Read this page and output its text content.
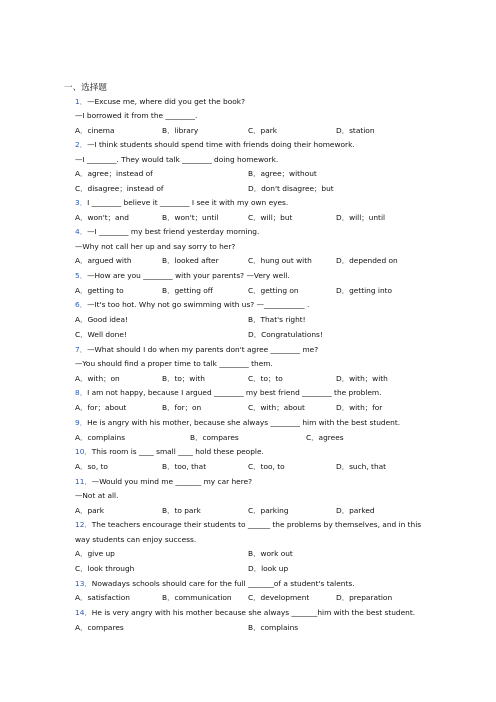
一、选择题
1．—Excuse me, where did you get the book?
—I borrowed it from the ________.
A．cinema	B．library	C．park	D．station
2．—I think students should spend time with friends doing their homework.
—I ________. They would talk ________ doing homework.
A．agree；instead of	B．agree；without
C．disagree；instead of	D．don't disagree；but
3．I ________ believe it ________ I see it with my own eyes.
A．won't；and	B．won't；until	C．will；but	D．will；until
4．—I ________ my best friend yesterday morning.
—Why not call her up and say sorry to her?
A．argued with	B．looked after	C．hung out with	D．depended on
5．—How are you ________ with your parents? —Very well.
A．getting to	B．getting off	C．getting on	D．getting into
6．—It's too hot. Why not go swimming with us? —___________ .
A．Good idea!	B．That's right!
C．Well done!	D．Congratulations!
7．—What should I do when my parents don't agree ________ me?
—You should find a proper time to talk ________ them.
A．with；on	B．to；with	C．to；to	D．with；with
8．I am not happy, because I argued ________ my best friend ________ the problem.
A．for；about	B．for；on	C．with；about	D．with；for
9．He is angry with his mother, because she always ________ him with the best student.
A．complains	B．compares	C．agrees
10．This room is ____ small ____ hold these people.
A．so, to	B．too, that	C．too, to	D．such, that
11．—Would you mind me _______ my car here?
—Not at all.
A．park	B．to park	C．parking	D．parked
12．The teachers encourage their students to ______ the problems by themselves, and in this
way students can enjoy success.
A．give up	B．work out
C．look through	D．look up
13．Nowadays schools should care for the full _______of a student's talents.
A．satisfaction	B．communication C．development	D．preparation
14．He is very angry with his mother because she always _______him with the best student.
A．compares	B．complains
